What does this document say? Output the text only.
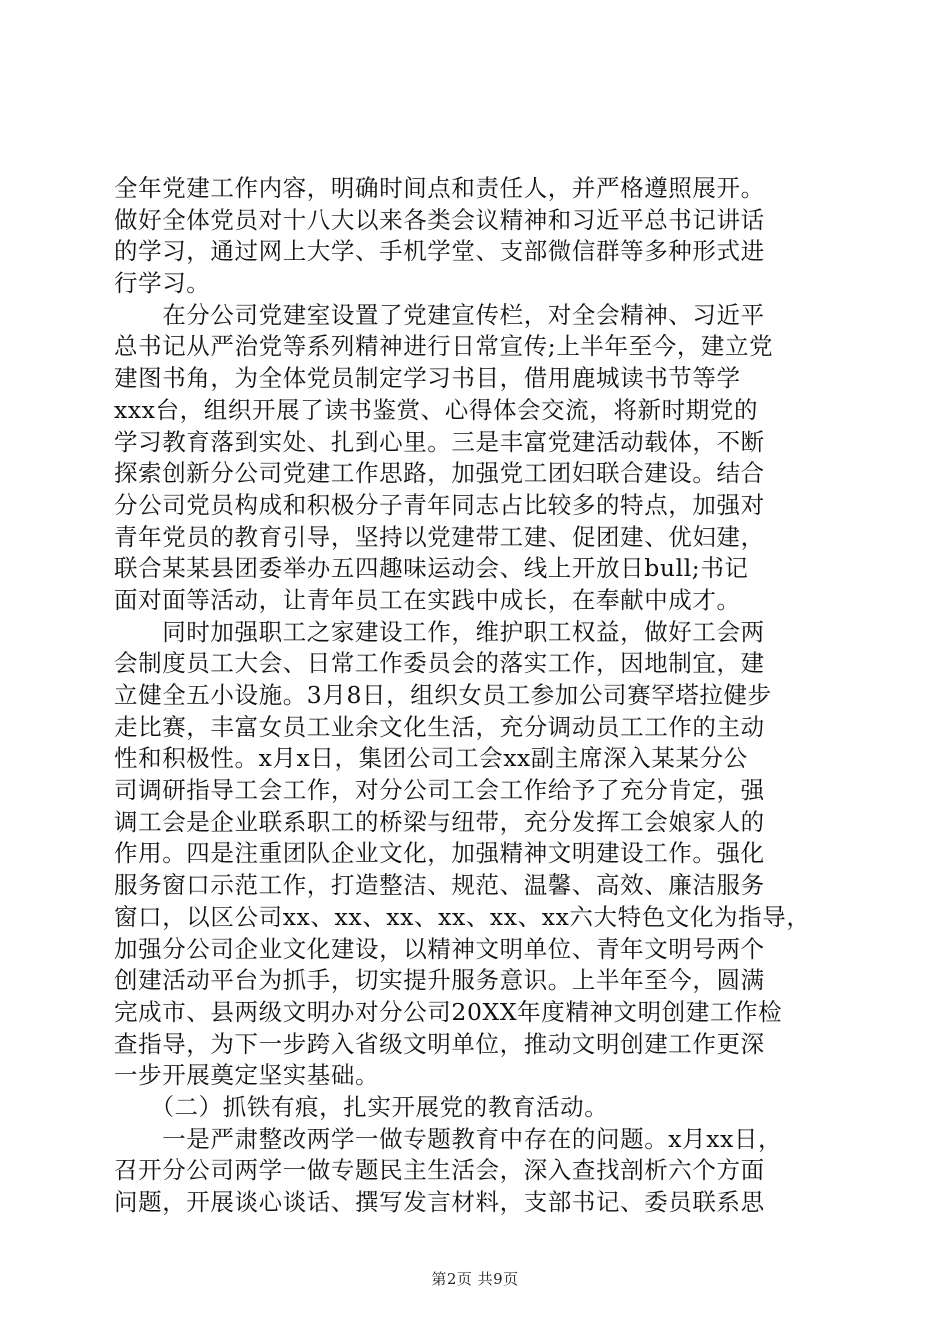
全年党建工作内容，明确时间点和责任人，并严格遵照展开。
做好全体党员对十八大以来各类会议精神和习近平总书记讲话
的学习，通过网上大学、手机学堂、支部微信群等多种形式进
行学习。
　　在分公司党建室设置了党建宣传栏，对全会精神、习近平
总书记从严治党等系列精神进行日常宣传;上半年至今，建立党
建图书角，为全体党员制定学习书目，借用鹿城读书节等学
xxx台，组织开展了读书鉴赏、心得体会交流，将新时期党的
学习教育落到实处、扎到心里。三是丰富党建活动载体，不断
探索创新分公司党建工作思路，加强党工团妇联合建设。结合
分公司党员构成和积极分子青年同志占比较多的特点，加强对
青年党员的教育引导，坚持以党建带工建、促团建、优妇建，
联合某某县团委举办五四趣味运动会、线上开放日bull;书记
面对面等活动，让青年员工在实践中成长，在奉献中成才。
　　同时加强职工之家建设工作，维护职工权益，做好工会两
会制度员工大会、日常工作委员会的落实工作，因地制宜，建
立健全五小设施。3月8日，组织女员工参加公司赛罕塔拉健步
走比赛，丰富女员工业余文化生活，充分调动员工工作的主动
性和积极性。x月x日，集团公司工会xx副主席深入某某分公
司调研指导工会工作，对分公司工会工作给予了充分肯定，强
调工会是企业联系职工的桥梁与纽带，充分发挥工会娘家人的
作用。四是注重团队企业文化，加强精神文明建设工作。强化
服务窗口示范工作，打造整洁、规范、温馨、高效、廉洁服务
窗口，以区公司xx、xx、xx、xx、xx、xx六大特色文化为指导，
加强分公司企业文化建设，以精神文明单位、青年文明号两个
创建活动平台为抓手，切实提升服务意识。上半年至今，圆满
完成市、县两级文明办对分公司20XX年度精神文明创建工作检
查指导，为下一步跨入省级文明单位，推动文明创建工作更深
一步开展奠定坚实基础。
　　（二）抓铁有痕，扎实开展党的教育活动。
　　一是严肃整改两学一做专题教育中存在的问题。x月xx日，
召开分公司两学一做专题民主生活会，深入查找剖析六个方面
问题，开展谈心谈话、撰写发言材料，支部书记、委员联系思
第2页 共9页
